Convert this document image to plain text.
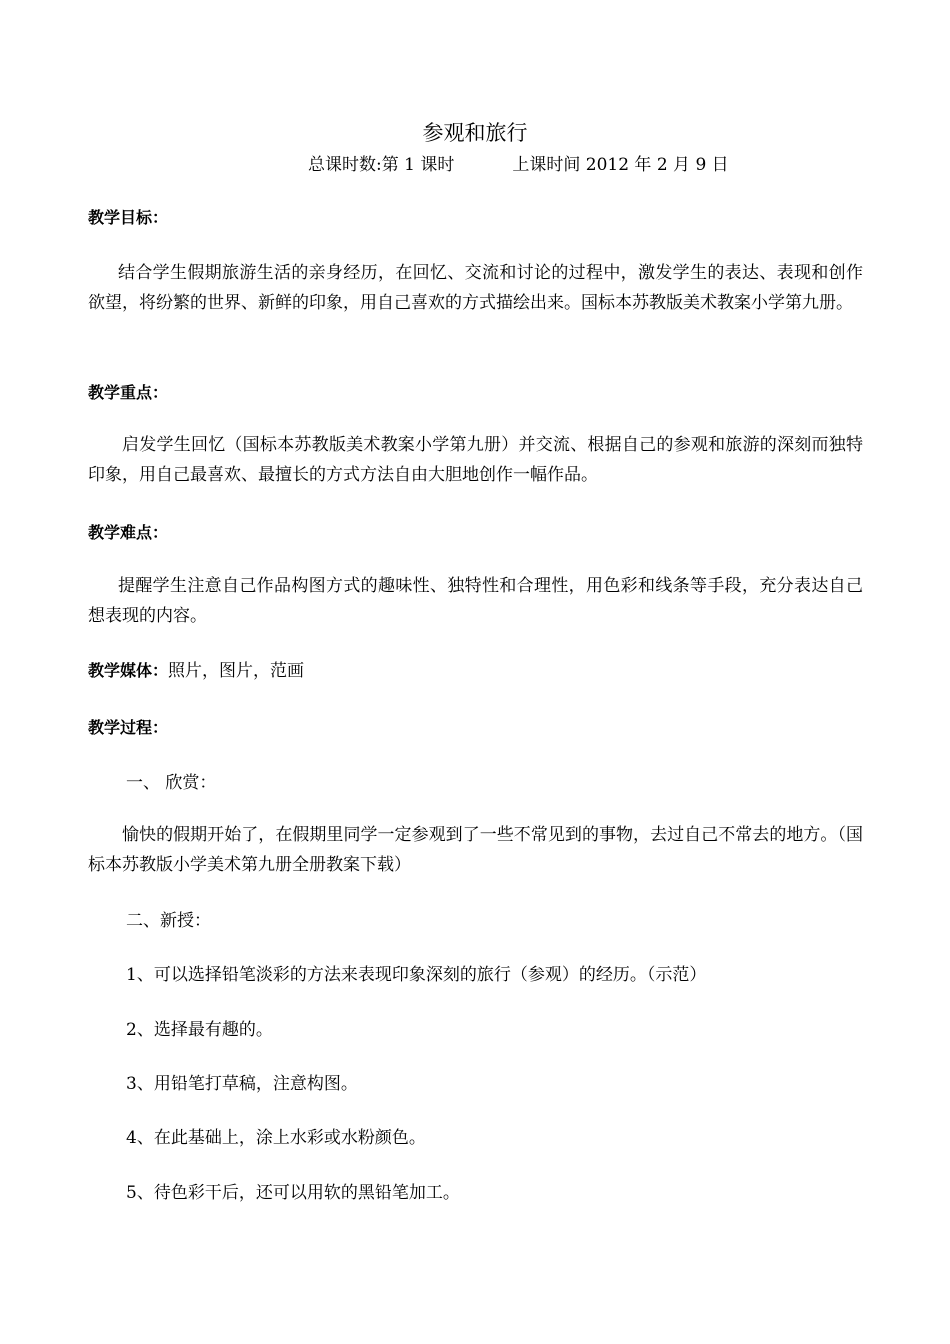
参观和旅行
总课时数:第 1 课时	上课时间 2012 年 2 月 9 日
教学目标：
结合学生假期旅游生活的亲身经历，在回忆、交流和讨论的过程中，激发学生的表达、表现和创作欲望，将纷繁的世界、新鲜的印象，用自己喜欢的方式描绘出来。国标本苏教版美术教案小学第九册。
教学重点：
启发学生回忆（国标本苏教版美术教案小学第九册）并交流、根据自己的参观和旅游的深刻而独特印象，用自己最喜欢、最擅长的方式方法自由大胆地创作一幅作品。
教学难点：
提醒学生注意自己作品构图方式的趣味性、独特性和合理性，用色彩和线条等手段，充分表达自己想表现的内容。
教学媒体：照片，图片，范画
教学过程：
一、 欣赏：
愉快的假期开始了，在假期里同学一定参观到了一些不常见到的事物，去过自己不常去的地方。（国标本苏教版小学美术第九册全册教案下载）
二、新授：
1、可以选择铅笔淡彩的方法来表现印象深刻的旅行（参观）的经历。（示范）
2、选择最有趣的。
3、用铅笔打草稿，注意构图。
4、在此基础上，涂上水彩或水粉颜色。
5、待色彩干后，还可以用软的黑铅笔加工。
